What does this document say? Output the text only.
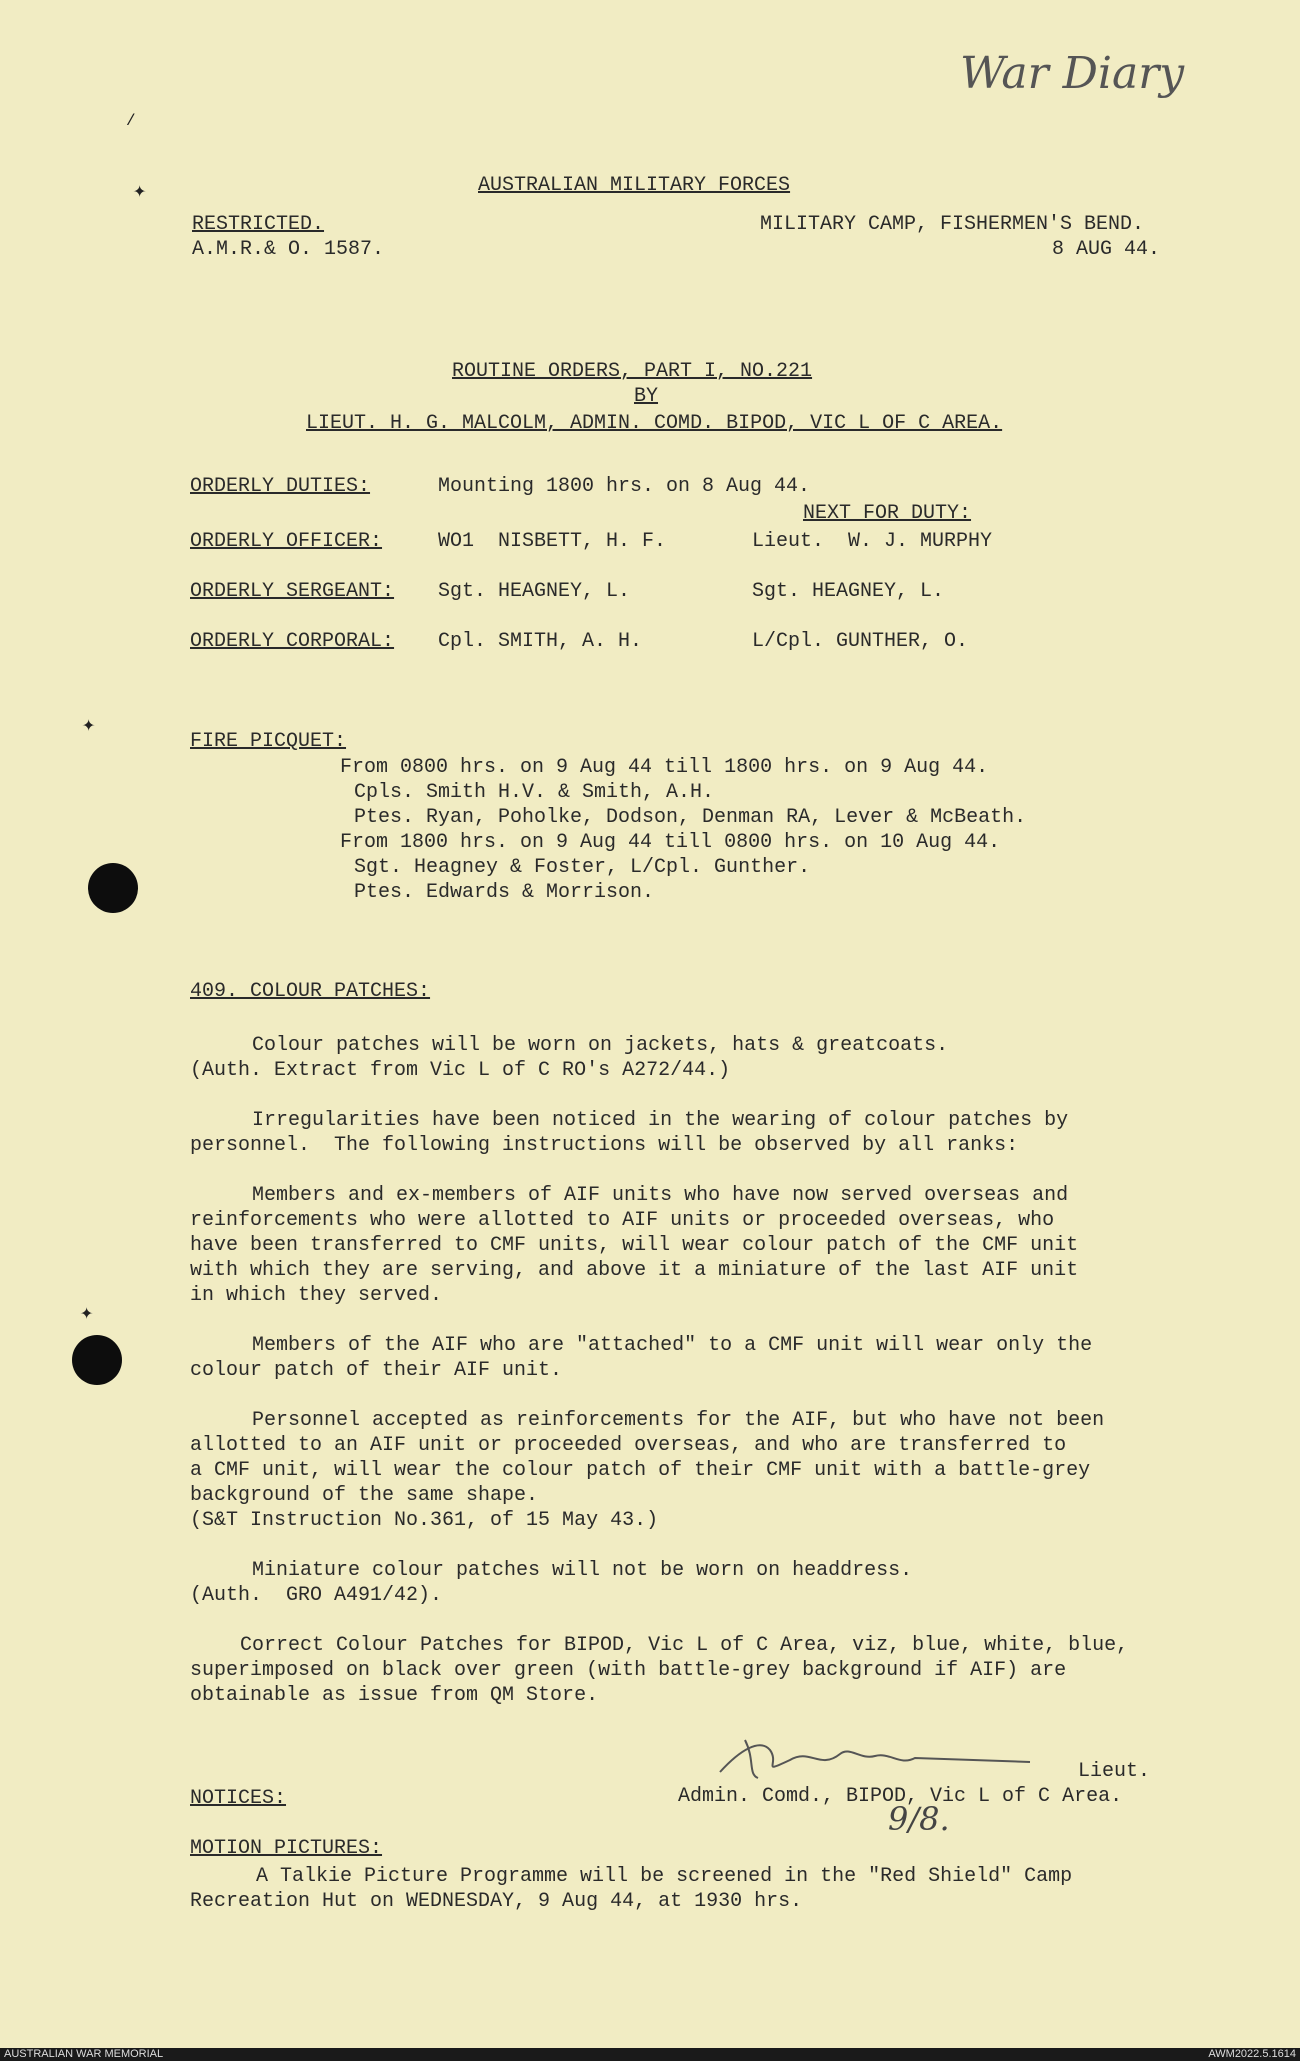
✦
✦
✦
/
War Diary
AUSTRALIAN MILITARY FORCES
RESTRICTED.
A.M.R.& O. 1587.
MILITARY CAMP, FISHERMEN'S BEND.
8 AUG 44.
ROUTINE ORDERS, PART I, NO.221
BY
LIEUT. H. G. MALCOLM, ADMIN. COMD. BIPOD, VIC L OF C AREA.
ORDERLY DUTIES:	Mounting 1800 hrs. on 8 Aug 44.
NEXT FOR DUTY:
ORDERLY OFFICER:	WO1  NISBETT, H. F.	Lieut.  W. J. MURPHY
ORDERLY SERGEANT: Sgt. HEAGNEY, L.	Sgt. HEAGNEY, L.
ORDERLY CORPORAL: Cpl. SMITH, A. H.	L/Cpl. GUNTHER, O.
FIRE PICQUET:
From 0800 hrs. on 9 Aug 44 till 1800 hrs. on 9 Aug 44.
Cpls. Smith H.V. & Smith, A.H.
Ptes. Ryan, Poholke, Dodson, Denman RA, Lever & McBeath.
From 1800 hrs. on 9 Aug 44 till 0800 hrs. on 10 Aug 44.
Sgt. Heagney & Foster, L/Cpl. Gunther.
Ptes. Edwards & Morrison.
409. COLOUR PATCHES:
Colour patches will be worn on jackets, hats & greatcoats.
(Auth. Extract from Vic L of C RO's A272/44.)
Irregularities have been noticed in the wearing of colour patches by
personnel.  The following instructions will be observed by all ranks:
Members and ex-members of AIF units who have now served overseas and
reinforcements who were allotted to AIF units or proceeded overseas, who
have been transferred to CMF units, will wear colour patch of the CMF unit
with which they are serving, and above it a miniature of the last AIF unit
in which they served.
Members of the AIF who are "attached" to a CMF unit will wear only the
colour patch of their AIF unit.
Personnel accepted as reinforcements for the AIF, but who have not been
allotted to an AIF unit or proceeded overseas, and who are transferred to
a CMF unit, will wear the colour patch of their CMF unit with a battle-grey
background of the same shape.
(S&T Instruction No.361, of 15 May 43.)
Miniature colour patches will not be worn on headdress.
(Auth.  GRO A491/42).
Correct Colour Patches for BIPOD, Vic L of C Area, viz, blue, white, blue,
superimposed on black over green (with battle-grey background if AIF) are
obtainable as issue from QM Store.
Lieut.
Admin. Comd., BIPOD, Vic L of C Area.
9/8.
NOTICES:
MOTION PICTURES:
A Talkie Picture Programme will be screened in the "Red Shield" Camp
Recreation Hut on WEDNESDAY, 9 Aug 44, at 1930 hrs.
AUSTRALIAN WAR MEMORIAL	AWM2022.5.1614
